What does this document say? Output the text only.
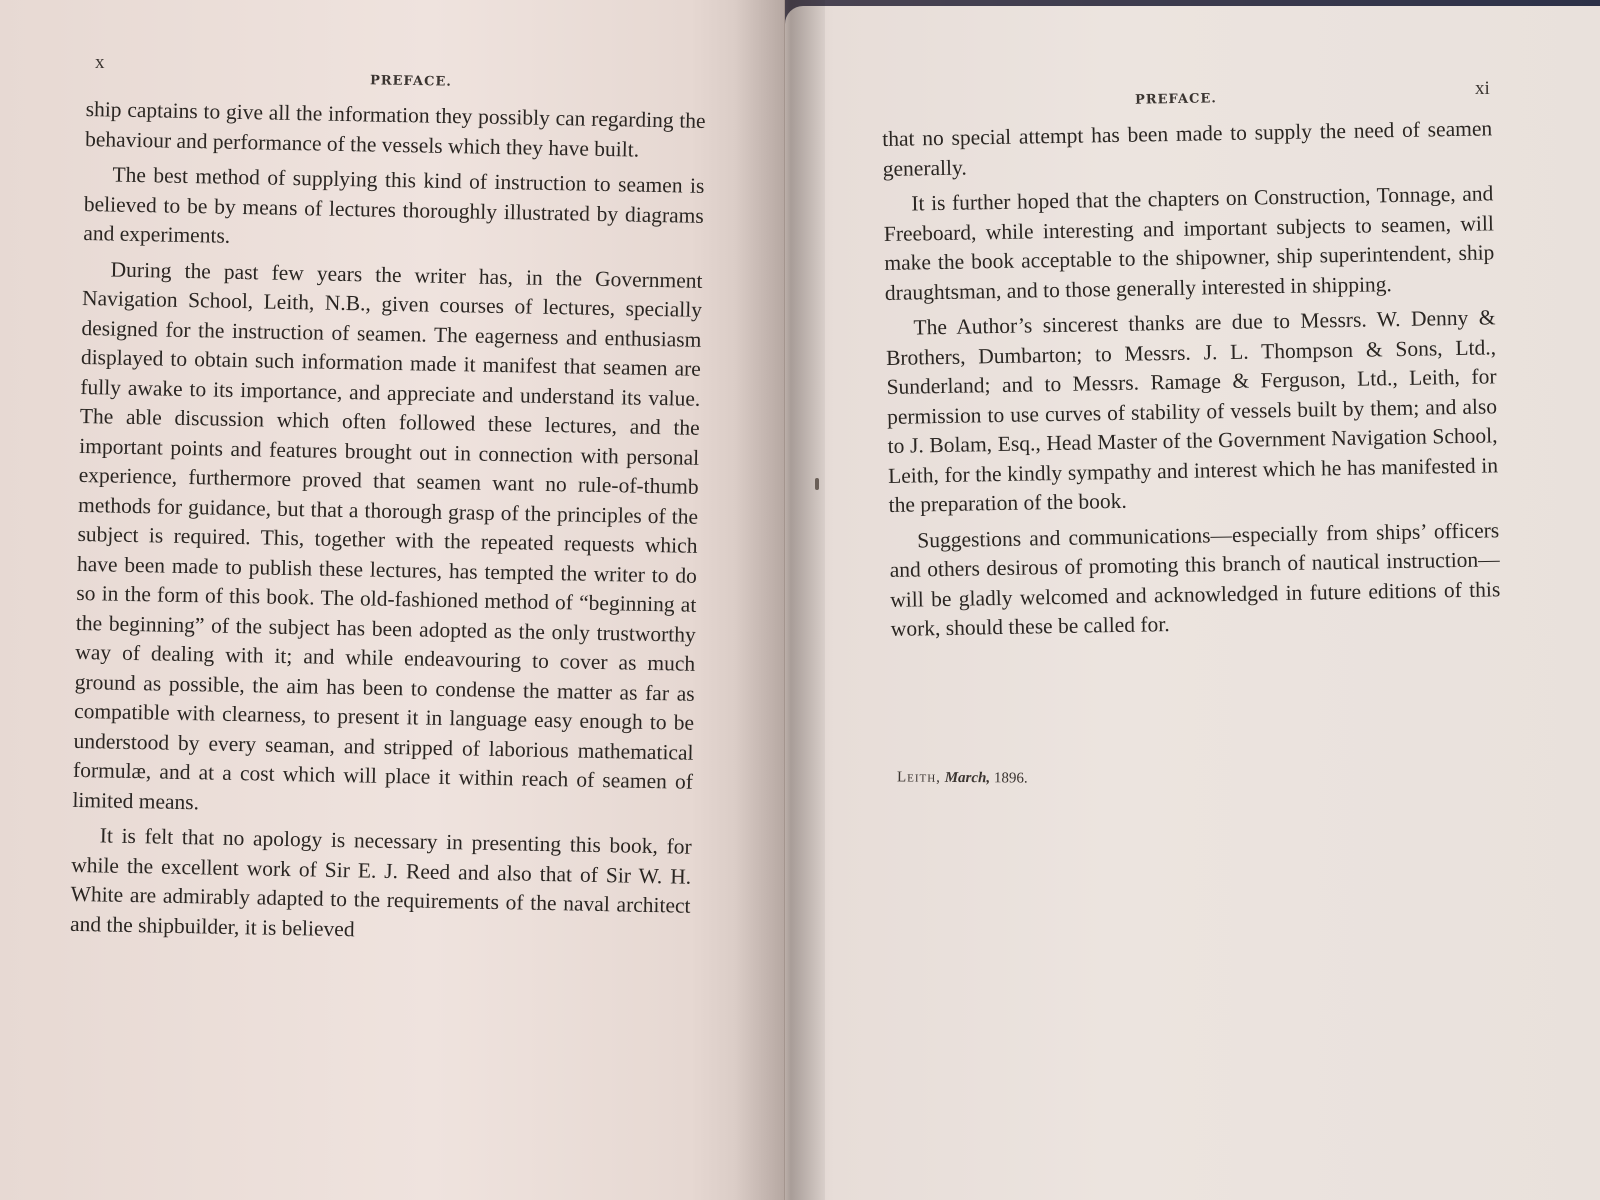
x
PREFACE.

ship captains to give all the information they possibly can regarding the behaviour and performance of the vessels which they have built.

The best method of supplying this kind of instruction to seamen is believed to be by means of lectures thoroughly illustrated by diagrams and experiments.

During the past few years the writer has, in the Government Navigation School, Leith, N.B., given courses of lectures, specially designed for the instruction of seamen. The eagerness and enthusiasm displayed to obtain such information made it manifest that seamen are fully awake to its importance, and appreciate and understand its value. The able discussion which often followed these lectures, and the important points and features brought out in connection with personal experience, furthermore proved that seamen want no rule-of-thumb methods for guidance, but that a thorough grasp of the principles of the subject is required. This, together with the repeated requests which have been made to publish these lectures, has tempted the writer to do so in the form of this book. The old-fashioned method of “beginning at the beginning” of the subject has been adopted as the only trustworthy way of dealing with it; and while endeavouring to cover as much ground as possible, the aim has been to condense the matter as far as compatible with clearness, to present it in language easy enough to be understood by every seaman, and stripped of laborious mathematical formulæ, and at a cost which will place it within reach of seamen of limited means.

It is felt that no apology is necessary in presenting this book, for while the excellent work of Sir E. J. Reed and also that of Sir W. H. White are admirably adapted to the requirements of the naval architect and the shipbuilder, it is believed

xi
PREFACE.

that no special attempt has been made to supply the need of seamen generally.

It is further hoped that the chapters on Construction, Tonnage, and Freeboard, while interesting and important subjects to seamen, will make the book acceptable to the shipowner, ship superintendent, ship draughtsman, and to those generally interested in shipping.

The Author’s sincerest thanks are due to Messrs. W. Denny & Brothers, Dumbarton; to Messrs. J. L. Thompson & Sons, Ltd., Sunderland; and to Messrs. Ramage & Ferguson, Ltd., Leith, for permission to use curves of stability of vessels built by them; and also to J. Bolam, Esq., Head Master of the Government Navigation School, Leith, for the kindly sympathy and interest which he has manifested in the preparation of the book.

Suggestions and communications—especially from ships’ officers and others desirous of promoting this branch of nautical instruction—will be gladly welcomed and acknowledged in future editions of this work, should these be called for.

Leith, March, 1896.
